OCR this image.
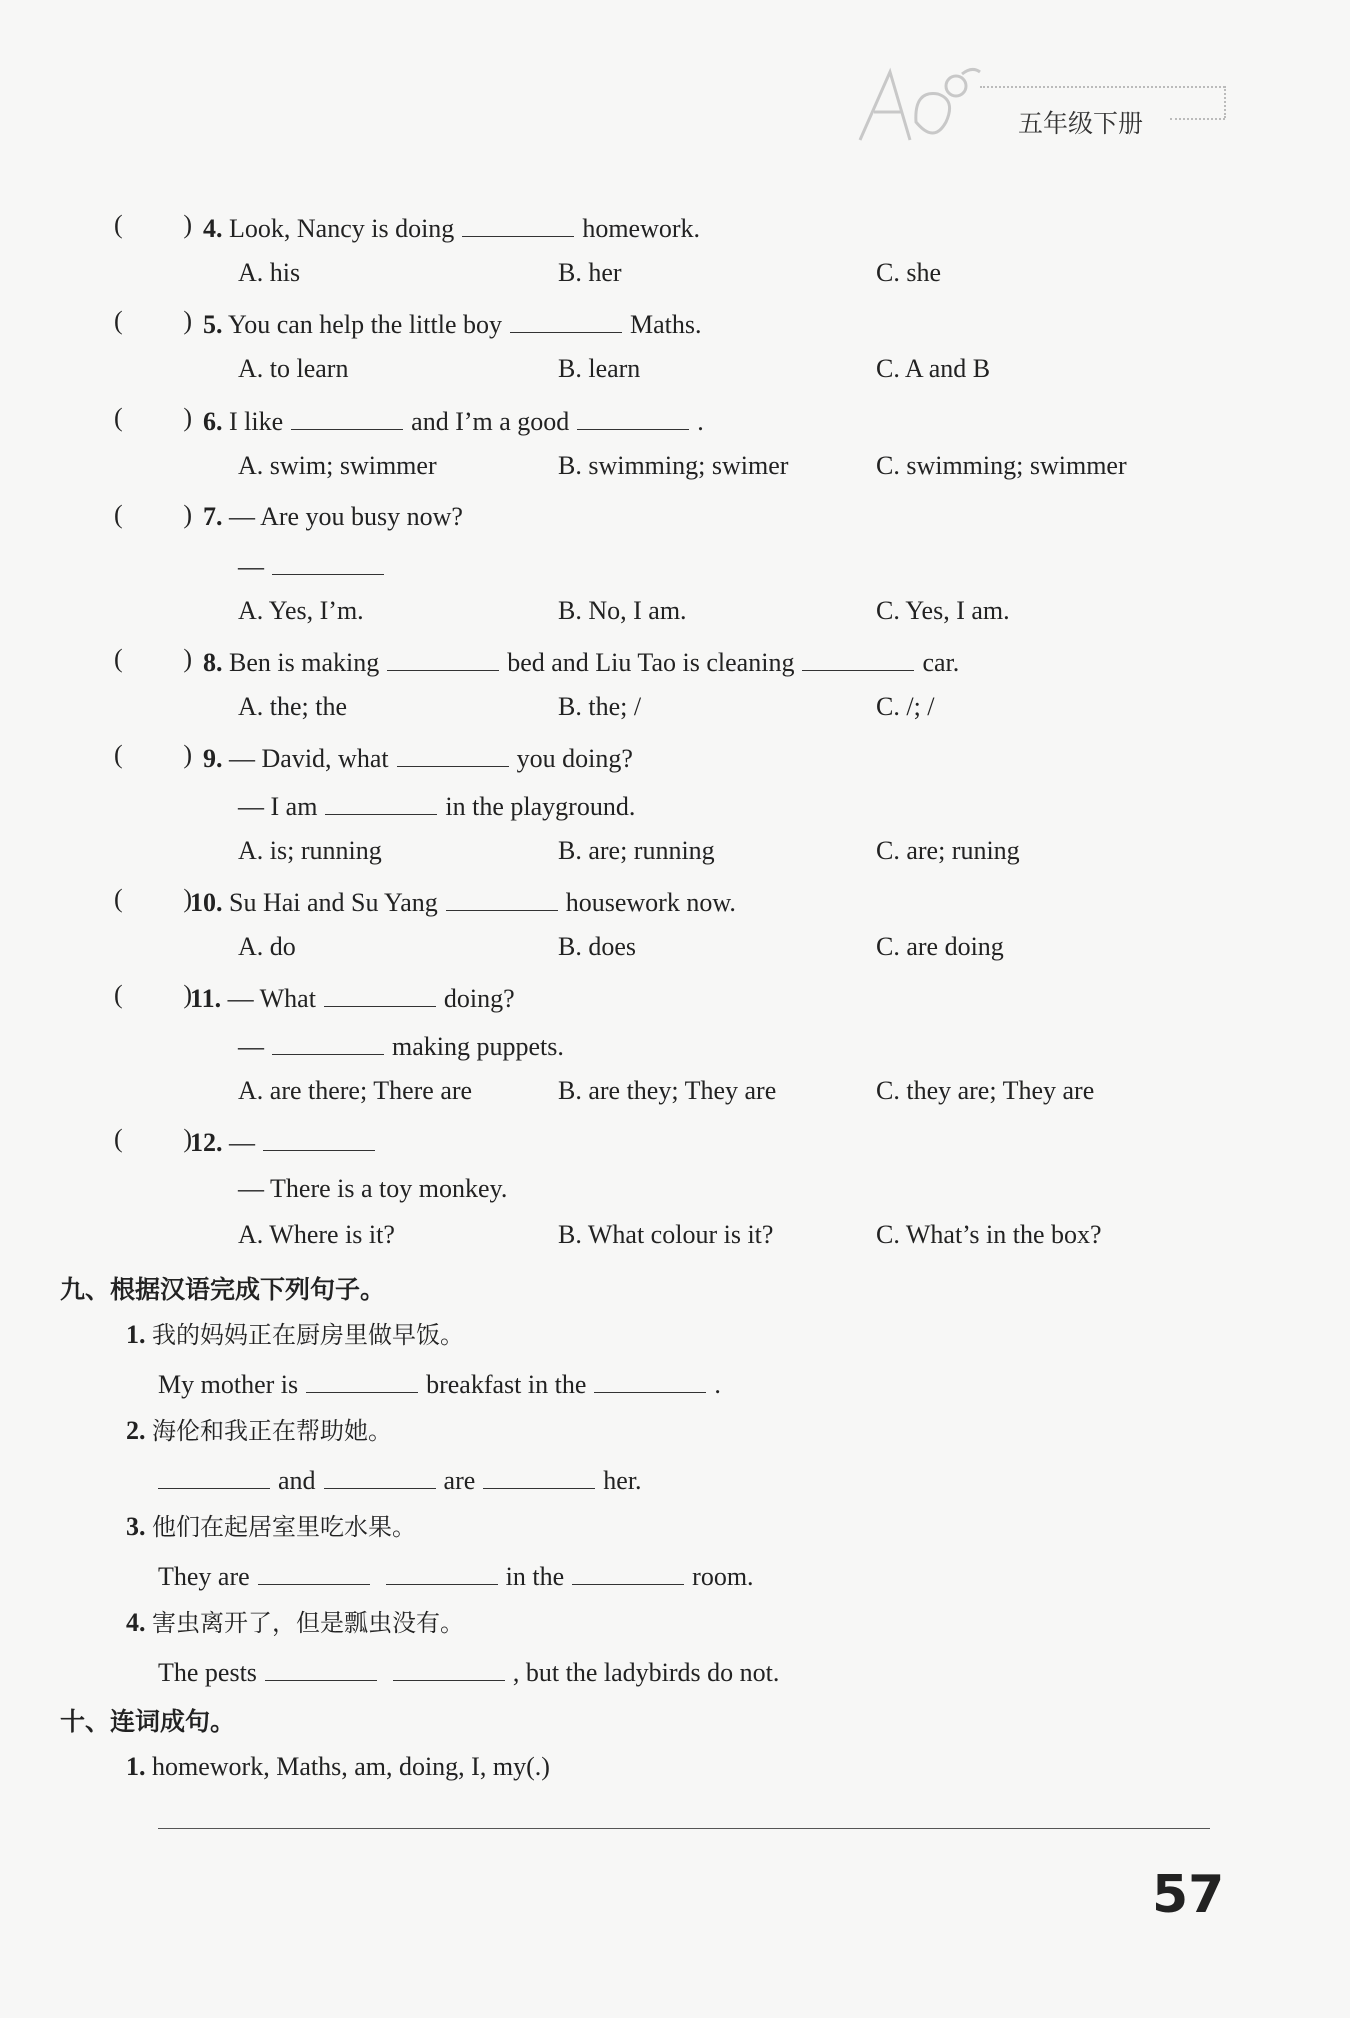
五年级下册
( ) 4. Look, Nancy is doing	homework.
A. his	B. her	C. she
( ) 5. You can help the little boy	Maths.
A. to learn	B. learn	C. A and B
( ) 6. I like	and I’m a good	.
A. swim; swimmer	B. swimming; swimer	C. swimming; swimmer
( ) 7. — Are you busy now?
—
A. Yes, I’m.	B. No, I am.	C. Yes, I am.
( ) 8. Ben is making	bed and Liu Tao is cleaning	car.
A. the; the	B. the; /	C. /; /
( ) 9. — David, what	you doing?
— I am	in the playground.
A. is; running	B. are; running	C. are; runing
( )
10. Su Hai and Su Yang	housework now.
A. do	B. does	C. are doing
( )
11. — What	doing?
—	making puppets.
A. are there; There are	B. are they; They are	C. they are; They are
( )
12. —
— There is a toy monkey.
A. Where is it?	B. What colour is it?	C. What’s in the box?
九、根据汉语完成下列句子。
1. 我的妈妈正在厨房里做早饭。
My mother is	breakfast in the	.
2. 海伦和我正在帮助她。
and	are	her.
3. 他们在起居室里吃水果。
They are	in the	room.
4. 害虫离开了，但是瓢虫没有。
The pests	, but the ladybirds do not.
十、连词成句。
1. homework, Maths, am, doing, I, my(.)
57
